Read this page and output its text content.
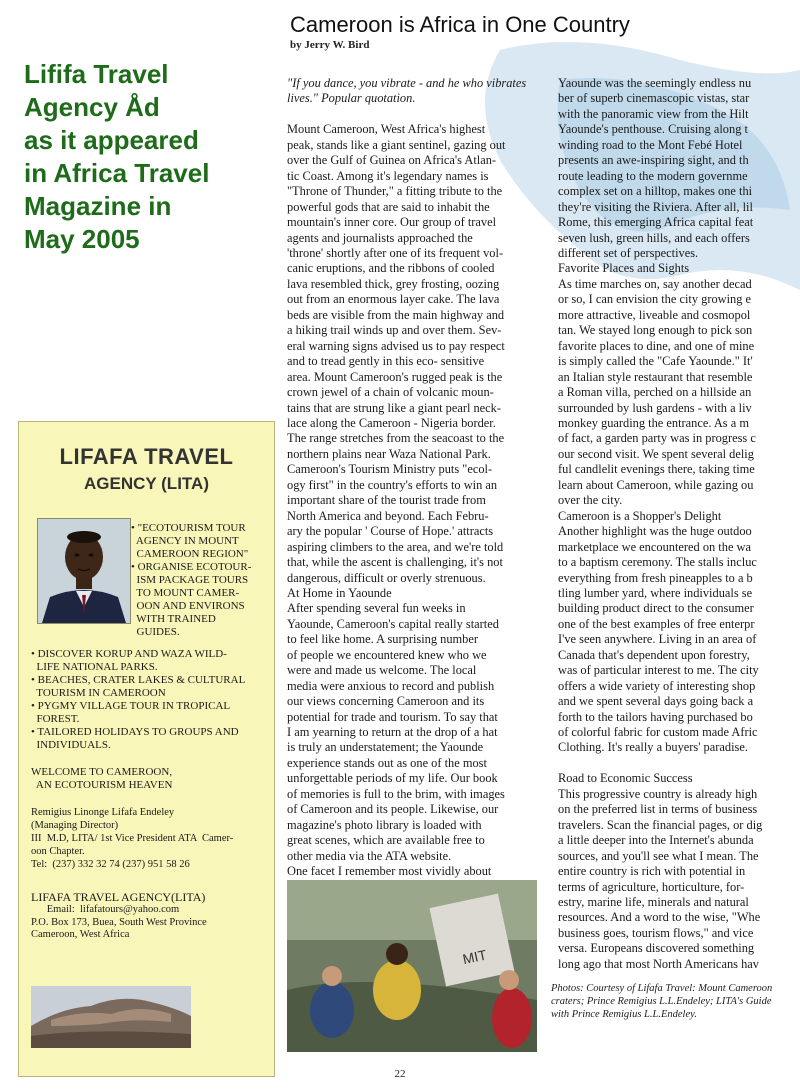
Lififa Travel
Agency Åd
as it appeared
in Africa Travel
Magazine in
May 2005
LIFAFA TRAVEL
AGENCY (LITA)
• "ECOTOURISM TOUR
AGENCY IN MOUNT
CAMEROON REGION"
• ORGANISE ECOTOUR-
ISM PACKAGE TOURS
TO MOUNT CAMER-
OON AND ENVIRONS
WITH TRAINED
GUIDES.
• DISCOVER KORUP AND WAZA WILD-
LIFE NATIONAL PARKS.
• BEACHES, CRATER LAKES & CULTURAL
TOURISM IN CAMEROON
• PYGMY VILLAGE TOUR IN TROPICAL
FOREST.
• TAILORED HOLIDAYS TO GROUPS AND
INDIVIDUALS.
WELCOME TO CAMEROON,
AN ECOTOURISM HEAVEN
Remigius Linonge Lifafa Endeley
(Managing Director)
III  M.D, LITA/ 1st Vice President ATA  Camer-
oon Chapter.
Tel:  (237) 332 32 74 (237) 951 58 26
LIFAFA TRAVEL AGENCY(LITA)
Email:  lifafatours@yahoo.com
P.O. Box 173, Buea, South West Province
Cameroon, West Africa
Cameroon is Africa in One Country
by Jerry W. Bird
"If you dance, you vibrate - and he who vibrates
lives." Popular quotation.

Mount Cameroon, West Africa's highest
peak, stands like a giant sentinel, gazing out
over the Gulf of Guinea on Africa's Atlan-
tic Coast. Among it's legendary names is
"Throne of Thunder," a fitting tribute to the
powerful gods that are said to inhabit the
mountain's inner core. Our group of travel
agents and journalists approached the
'throne' shortly after one of its frequent vol-
canic eruptions, and the ribbons of cooled
lava resembled thick, grey frosting, oozing
out from an enormous layer cake. The lava
beds are visible from the main highway and
a hiking trail winds up and over them. Sev-
eral warning signs advised us to pay respect
and to tread gently in this eco- sensitive
area. Mount Cameroon's rugged peak is the
crown jewel of a chain of volcanic moun-
tains that are strung like a giant pearl neck-
lace along the Cameroon - Nigeria border.
The range stretches from the seacoast to the
northern plains near Waza National Park.
Cameroon's Tourism Ministry puts "ecol-
ogy first" in the country's efforts to win an
important share of the tourist trade from
North America and beyond. Each Febru-
ary the popular ' Course of Hope.' attracts
aspiring climbers to the area, and we're told
that, while the ascent is challenging, it's not
dangerous, difficult or overly strenuous.
At Home in Yaounde
After spending several fun weeks in
Yaounde, Cameroon's capital really started
to feel like home. A surprising number
of people we encountered knew who we
were and made us welcome. The local
media were anxious to record and publish
our views concerning Cameroon and its
potential for trade and tourism. To say that
I am yearning to return at the drop of a hat
is truly an understatement; the Yaounde
experience stands out as one of the most
unforgettable periods of my life. Our book
of memories is full to the brim, with images
of Cameroon and its people. Likewise, our
magazine's photo library is loaded with
great scenes, which are available free to
other media via the ATA website.
One facet I remember most vividly about
Yaounde was the seemingly endless nu
ber of superb cinemascopic vistas, star
with the panoramic view from the Hilt
Yaounde's penthouse. Cruising along t
winding road to the Mont Febé Hotel
presents an awe-inspiring sight, and th
route leading to the modern governme
complex set on a hilltop, makes one thi
they're visiting the Riviera. After all, lil
Rome, this emerging Africa capital feat
seven lush, green hills, and each offers
different set of perspectives.
Favorite Places and Sights
As time marches on, say another decad
or so, I can envision the city growing e
more attractive, liveable and cosmopol
tan. We stayed long enough to pick son
favorite places to dine, and one of mine
is simply called the "Cafe Yaounde." It'
an Italian style restaurant that resemble
a Roman villa, perched on a hillside an
surrounded by lush gardens - with a liv
monkey guarding the entrance. As a m
of fact, a garden party was in progress c
our second visit. We spent several delig
ful candlelit evenings there, taking time
learn about Cameroon, while gazing ou
over the city.
Cameroon is a Shopper's Delight
Another highlight was the huge outdoo
marketplace we encountered on the wa
to a baptism ceremony. The stalls incluc
everything from fresh pineapples to a b
tling lumber yard, where individuals se
building product direct to the consumer
one of the best examples of free enterpr
I've seen anywhere. Living in an area of
Canada that's dependent upon forestry,
was of particular interest to me. The city
offers a wide variety of interesting shop
and we spent several days going back a
forth to the tailors having purchased bo
of colorful fabric for custom made Afric
Clothing. It's really a buyers' paradise.

Road to Economic Success
This progressive country is already high
on the preferred list in terms of business
travelers. Scan the financial pages, or dig
a little deeper into the Internet's abunda
sources, and you'll see what I mean. The
entire country is rich with potential in
terms of agriculture, horticulture, for-
estry, marine life, minerals and natural
resources. And a word to the wise, "Whe
business goes, tourism flows," and vice
versa. Europeans discovered something
long ago that most North Americans hav
MIT
Photos: Courtesy of Lifafa Travel: Mount Cameroon
craters; Prince Remigius L.L.Endeley; LITA's Guide
with Prince Remigius L.L.Endeley.
22
